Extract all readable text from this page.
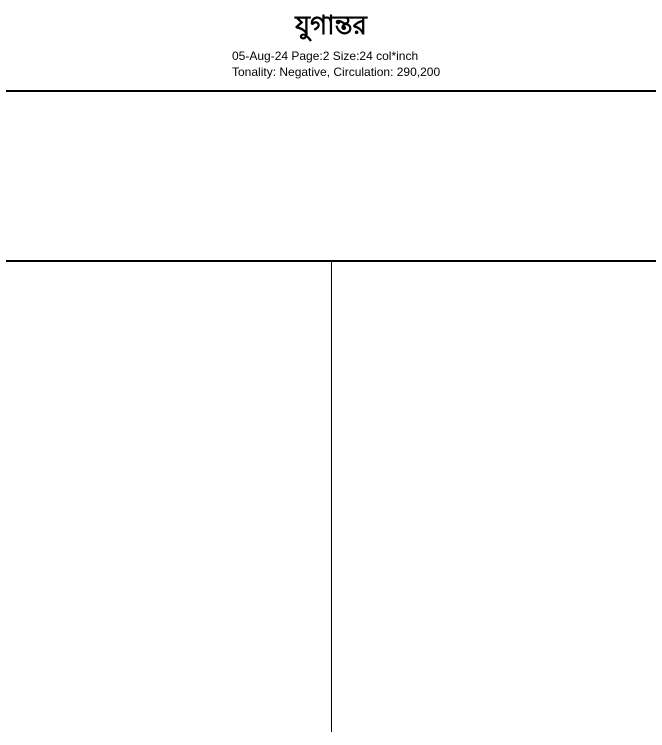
যুগান্তর
05-Aug-24 Page:2 Size:24 col*inch
Tonality: Negative, Circulation: 290,200
